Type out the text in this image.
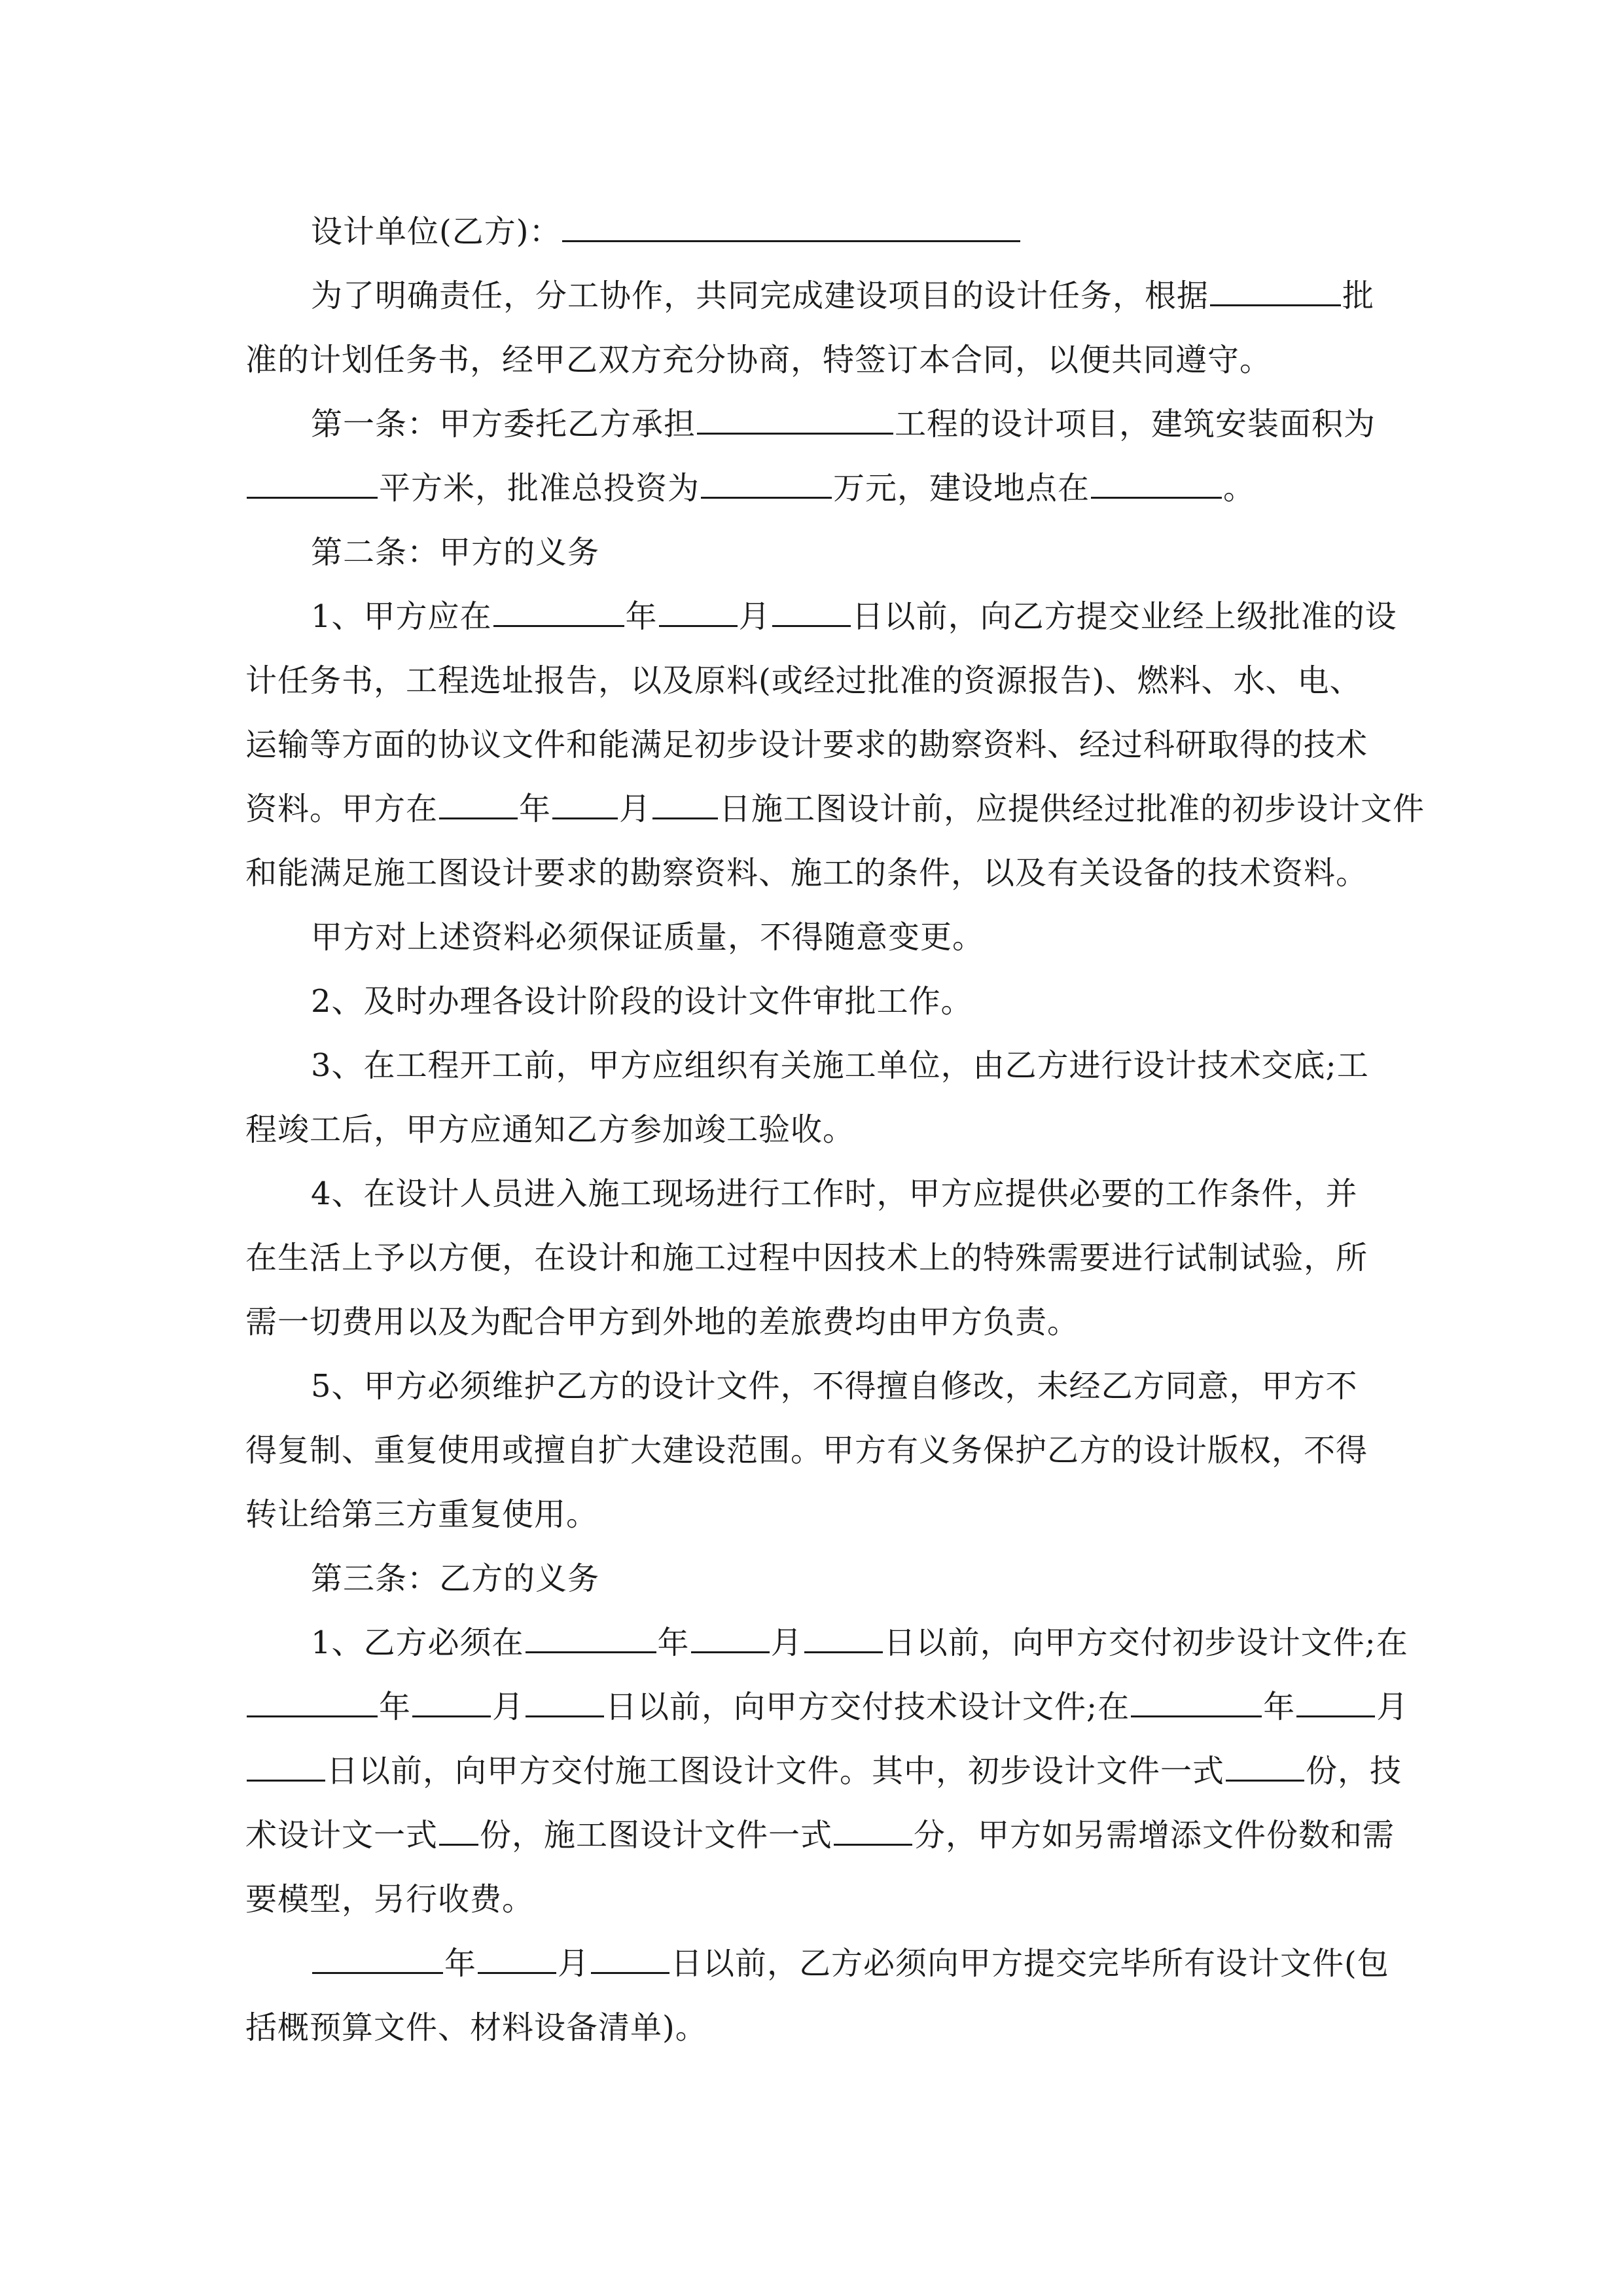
设计单位(乙方)：
为了明确责任，分工协作，共同完成建设项目的设计任务，根据	批
准的计划任务书，经甲乙双方充分协商，特签订本合同，以便共同遵守。
第一条：甲方委托乙方承担	工程的设计项目，建筑安装面积为
平方米，批准总投资为	万元，建设地点在	。
第二条：甲方的义务
1、甲方应在	年	月	日以前，向乙方提交业经上级批准的设
计任务书，工程选址报告，以及原料(或经过批准的资源报告)、燃料、水、电、
运输等方面的协议文件和能满足初步设计要求的勘察资料、经过科研取得的技术
资料。甲方在	年 月 日施工图设计前，应提供经过批准的初步设计文件
和能满足施工图设计要求的勘察资料、施工的条件，以及有关设备的技术资料。
甲方对上述资料必须保证质量，不得随意变更。
2、及时办理各设计阶段的设计文件审批工作。
3、在工程开工前，甲方应组织有关施工单位，由乙方进行设计技术交底;工
程竣工后，甲方应通知乙方参加竣工验收。
4、在设计人员进入施工现场进行工作时，甲方应提供必要的工作条件，并
在生活上予以方便，在设计和施工过程中因技术上的特殊需要进行试制试验，所
需一切费用以及为配合甲方到外地的差旅费均由甲方负责。
5、甲方必须维护乙方的设计文件，不得擅自修改，未经乙方同意，甲方不
得复制、重复使用或擅自扩大建设范围。甲方有义务保护乙方的设计版权，不得
转让给第三方重复使用。
第三条：乙方的义务
1、乙方必须在	年	月	日以前，向甲方交付初步设计文件;在
年	月	日以前，向甲方交付技术设计文件;在	年	月
日以前，向甲方交付施工图设计文件。其中，初步设计文件一式	份，技
术设计文一式 份，施工图设计文件一式	分，甲方如另需增添文件份数和需
要模型，另行收费。
年	月	日以前，乙方必须向甲方提交完毕所有设计文件(包
括概预算文件、材料设备清单)。
